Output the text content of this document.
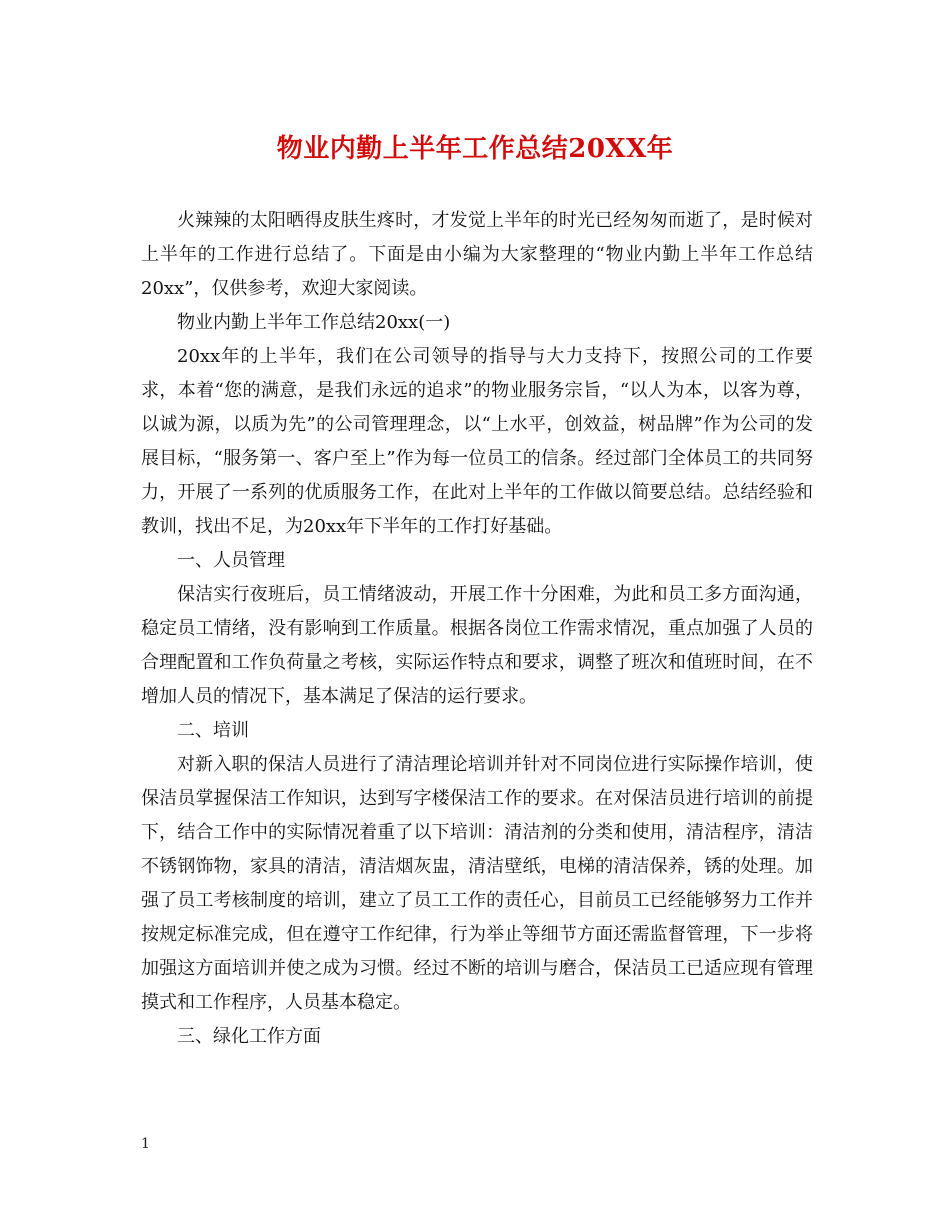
物业内勤上半年工作总结20XX年

火辣辣的太阳晒得皮肤生疼时，才发觉上半年的时光已经匆匆而逝了，是时候对上半年的工作进行总结了。下面是由小编为大家整理的“物业内勤上半年工作总结20xx”，仅供参考，欢迎大家阅读。

物业内勤上半年工作总结20xx(一)

20xx年的上半年，我们在公司领导的指导与大力支持下，按照公司的工作要求，本着“您的满意，是我们永远的追求”的物业服务宗旨，“以人为本，以客为尊，以诚为源，以质为先”的公司管理理念，以“上水平，创效益，树品牌”作为公司的发展目标，“服务第一、客户至上”作为每一位员工的信条。经过部门全体员工的共同努力，开展了一系列的优质服务工作，在此对上半年的工作做以简要总结。总结经验和教训，找出不足，为20xx年下半年的工作打好基础。

一、人员管理

保洁实行夜班后，员工情绪波动，开展工作十分困难，为此和员工多方面沟通，稳定员工情绪，没有影响到工作质量。根据各岗位工作需求情况，重点加强了人员的合理配置和工作负荷量之考核，实际运作特点和要求，调整了班次和值班时间，在不增加人员的情况下，基本满足了保洁的运行要求。

二、培训

对新入职的保洁人员进行了清洁理论培训并针对不同岗位进行实际操作培训，使保洁员掌握保洁工作知识，达到写字楼保洁工作的要求。在对保洁员进行培训的前提下，结合工作中的实际情况着重了以下培训：清洁剂的分类和使用，清洁程序，清洁不锈钢饰物，家具的清洁，清洁烟灰盅，清洁壁纸，电梯的清洁保养，锈的处理。加强了员工考核制度的培训，建立了员工工作的责任心，目前员工已经能够努力工作并按规定标准完成，但在遵守工作纪律，行为举止等细节方面还需监督管理，下一步将加强这方面培训并使之成为习惯。经过不断的培训与磨合，保洁员工已适应现有管理摸式和工作程序，人员基本稳定。

三、绿化工作方面

1
